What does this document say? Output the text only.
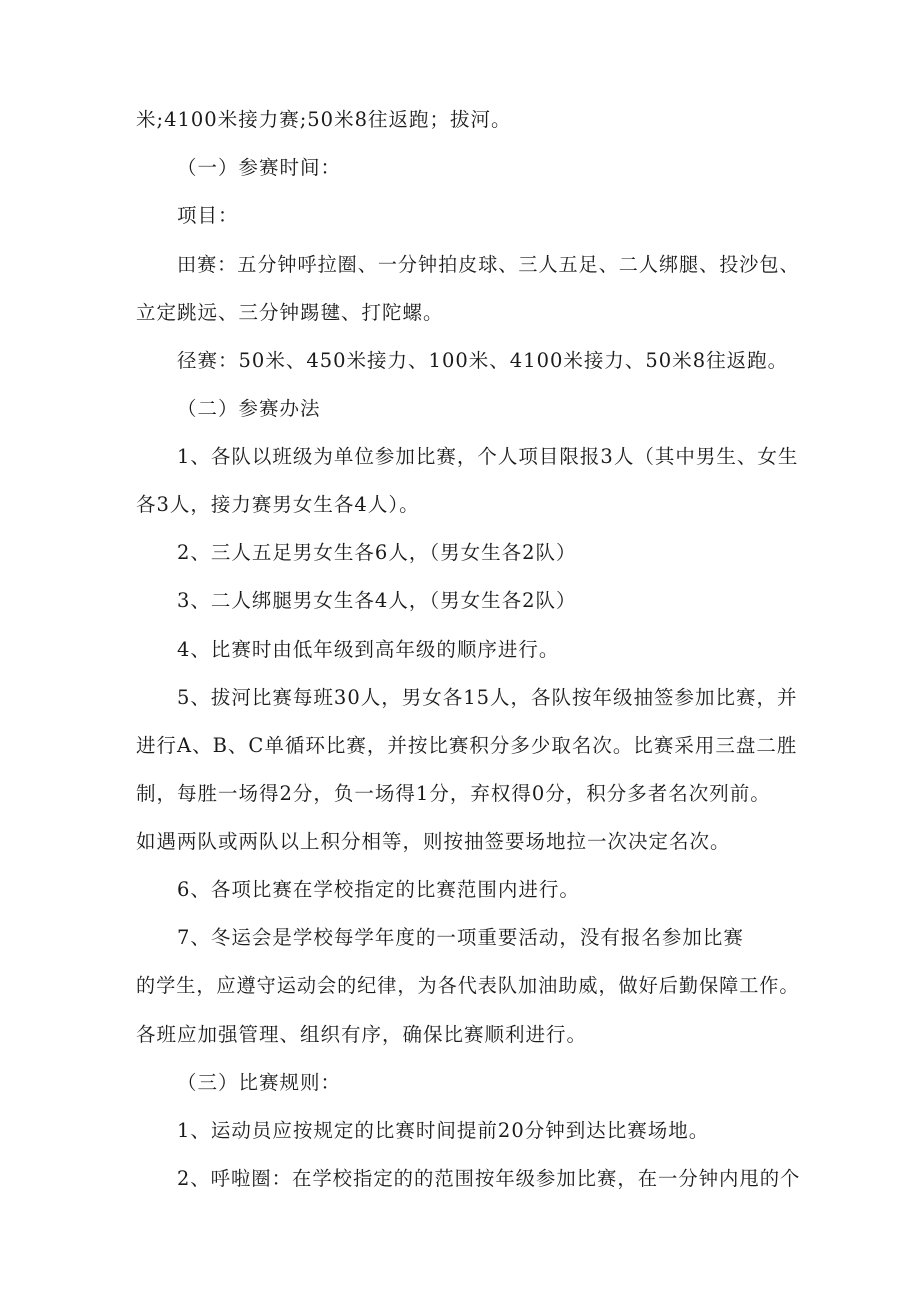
米;4100米接力赛;50米8往返跑；拔河。
（一）参赛时间：
项目：
田赛：五分钟呼拉圈、一分钟拍皮球、三人五足、二人绑腿、投沙包、
立定跳远、三分钟踢毽、打陀螺。
径赛：50米、450米接力、100米、4100米接力、50米8往返跑。
（二）参赛办法
1、各队以班级为单位参加比赛，个人项目限报3人（其中男生、女生
各3人，接力赛男女生各4人）。
2、三人五足男女生各6人，（男女生各2队）
3、二人绑腿男女生各4人，（男女生各2队）
4、比赛时由低年级到高年级的顺序进行。
5、拔河比赛每班30人，男女各15人，各队按年级抽签参加比赛，并
进行A、B、C单循环比赛，并按比赛积分多少取名次。比赛采用三盘二胜
制，每胜一场得2分，负一场得1分，弃权得0分，积分多者名次列前。
如遇两队或两队以上积分相等，则按抽签要场地拉一次决定名次。
6、各项比赛在学校指定的比赛范围内进行。
7、冬运会是学校每学年度的一项重要活动，没有报名参加比赛
的学生，应遵守运动会的纪律，为各代表队加油助威，做好后勤保障工作。
各班应加强管理、组织有序，确保比赛顺利进行。
（三）比赛规则：
1、运动员应按规定的比赛时间提前20分钟到达比赛场地。
2、呼啦圈：在学校指定的的范围按年级参加比赛，在一分钟内甩的个
